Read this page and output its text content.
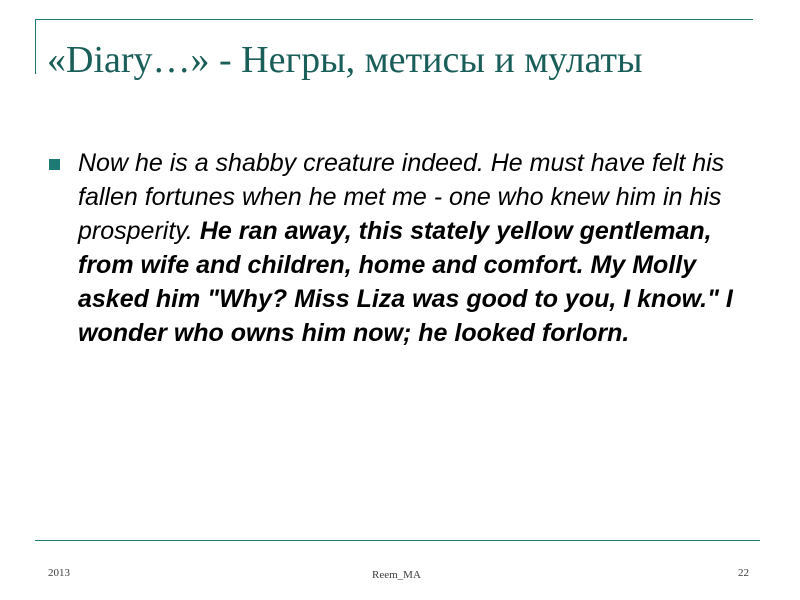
«Diary…» - Негры, метисы и мулаты
Now he is a shabby creature indeed. He must have felt his fallen fortunes when he met me - one who knew him in his prosperity. He ran away, this stately yellow gentleman, from wife and children, home and comfort. My Molly asked him "Why? Miss Liza was good to you, I know." I wonder who owns him now; he looked forlorn.
2013	Reem_MA	22
